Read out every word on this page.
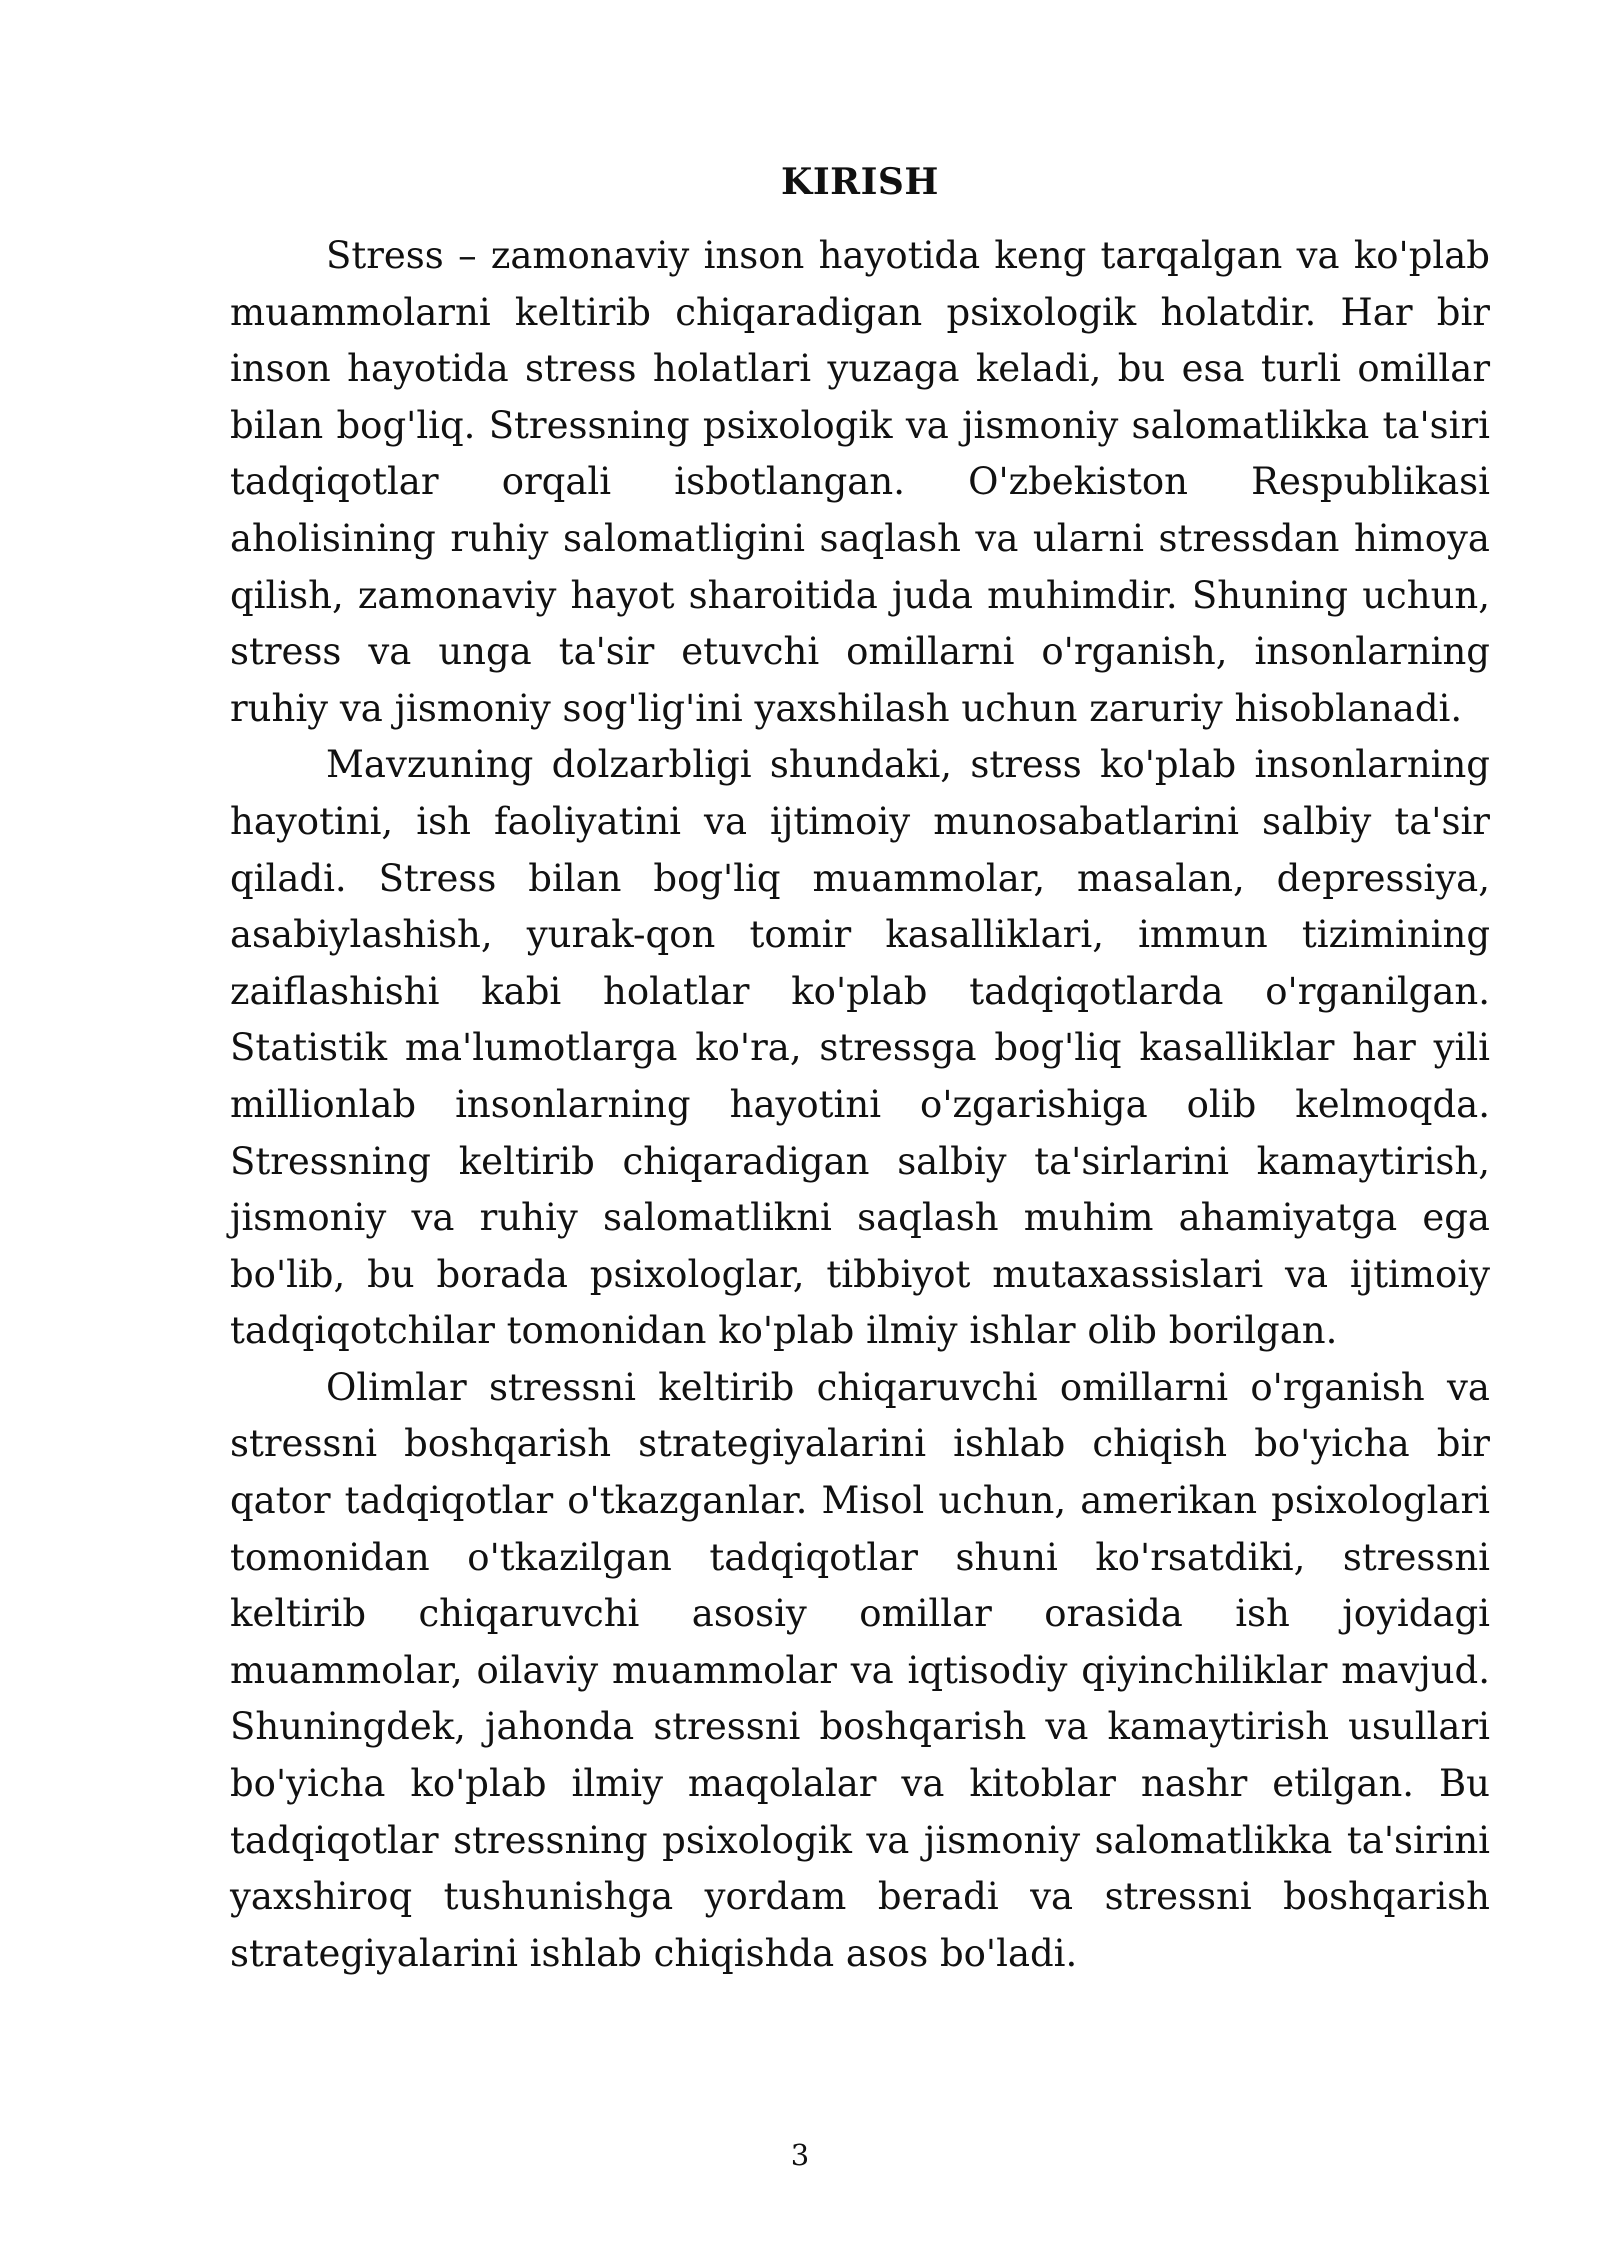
KIRISH

Stress – zamonaviy inson hayotida keng tarqalgan va ko'plab muammolarni keltirib chiqaradigan psixologik holatdir. Har bir inson hayotida stress holatlari yuzaga keladi, bu esa turli omillar bilan bog'liq. Stressning psixologik va jismoniy salomatlikka ta'siri tadqiqotlar orqali isbotlangan. O'zbekiston Respublikasi aholisining ruhiy salomatligini saqlash va ularni stressdan himoya qilish, zamonaviy hayot sharoitida juda muhimdir. Shuning uchun, stress va unga ta'sir etuvchi omillarni o'rganish, insonlarning ruhiy va jismoniy sog'lig'ini yaxshilash uchun zaruriy hisoblanadi.

Mavzuning dolzarbligi shundaki, stress ko'plab insonlarning hayotini, ish faoliyatini va ijtimoiy munosabatlarini salbiy ta'sir qiladi. Stress bilan bog'liq muammolar, masalan, depressiya, asabiylashish, yurak-qon tomir kasalliklari, immun tizimining zaiflashishi kabi holatlar ko'plab tadqiqotlarda o'rganilgan. Statistik ma'lumotlarga ko'ra, stressga bog'liq kasalliklar har yili millionlab insonlarning hayotini o'zgarishiga olib kelmoqda. Stressning keltirib chiqaradigan salbiy ta'sirlarini kamaytirish, jismoniy va ruhiy salomatlikni saqlash muhim ahamiyatga ega bo'lib, bu borada psixologlar, tibbiyot mutaxassislari va ijtimoiy tadqiqotchilar tomonidan ko'plab ilmiy ishlar olib borilgan.

Olimlar stressni keltirib chiqaruvchi omillarni o'rganish va stressni boshqarish strategiyalarini ishlab chiqish bo'yicha bir qator tadqiqotlar o'tkazganlar. Misol uchun, amerikan psixologlari tomonidan o'tkazilgan tadqiqotlar shuni ko'rsatdiki, stressni keltirib chiqaruvchi asosiy omillar orasida ish joyidagi muammolar, oilaviy muammolar va iqtisodiy qiyinchiliklar mavjud. Shuningdek, jahonda stressni boshqarish va kamaytirish usullari bo'yicha ko'plab ilmiy maqolalar va kitoblar nashr etilgan. Bu tadqiqotlar stressning psixologik va jismoniy salomatlikka ta'sirini yaxshiroq tushunishga yordam beradi va stressni boshqarish strategiyalarini ishlab chiqishda asos bo'ladi.

3
